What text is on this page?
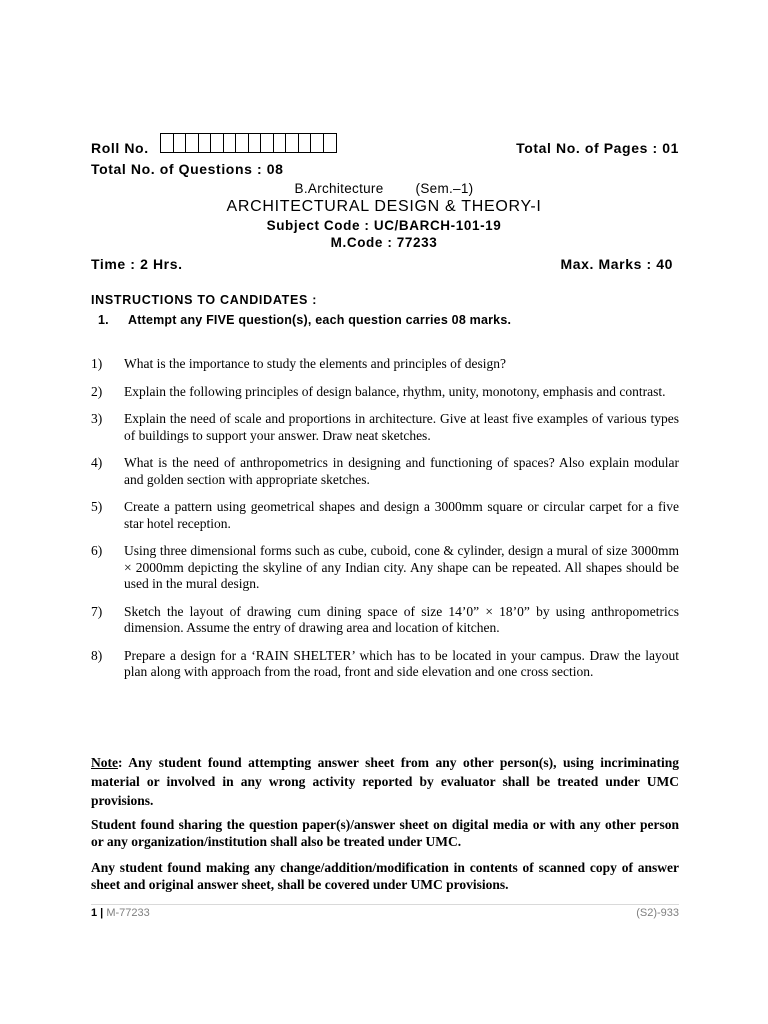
Roll No.	Total No. of Pages : 01
Total No. of Questions : 08
B.Architecture (Sem.–1)
ARCHITECTURAL DESIGN & THEORY-I
Subject Code : UC/BARCH-101-19
M.Code : 77233
Time : 2 Hrs.	Max. Marks : 40
INSTRUCTIONS TO CANDIDATES :
1. Attempt any FIVE question(s), each question carries 08 marks.
1)	What is the importance to study the elements and principles of design?
2)	Explain the following principles of design balance, rhythm, unity, monotony, emphasis and contrast.
3)	Explain the need of scale and proportions in architecture. Give at least five examples of various types of buildings to support your answer. Draw neat sketches.
4)	What is the need of anthropometrics in designing and functioning of spaces? Also explain modular and golden section with appropriate sketches.
5)	Create a pattern using geometrical shapes and design a 3000mm square or circular carpet for a five star hotel reception.
6)	Using three dimensional forms such as cube, cuboid, cone & cylinder, design a mural of size 3000mm × 2000mm depicting the skyline of any Indian city. Any shape can be repeated. All shapes should be used in the mural design.
7)	Sketch the layout of drawing cum dining space of size 14’0” × 18’0” by using anthropometrics dimension. Assume the entry of drawing area and location of kitchen.
8)	Prepare a design for a ‘RAIN SHELTER’ which has to be located in your campus. Draw the layout plan along with approach from the road, front and side elevation and one cross section.

Note: Any student found attempting answer sheet from any other person(s), using incriminating material or involved in any wrong activity reported by evaluator shall be treated under UMC provisions.

Student found sharing the question paper(s)/answer sheet on digital media or with any other person or any organization/institution shall also be treated under UMC.

Any student found making any change/addition/modification in contents of scanned copy of answer sheet and original answer sheet, shall be covered under UMC provisions.

1 | M-77233	(S2)-933
